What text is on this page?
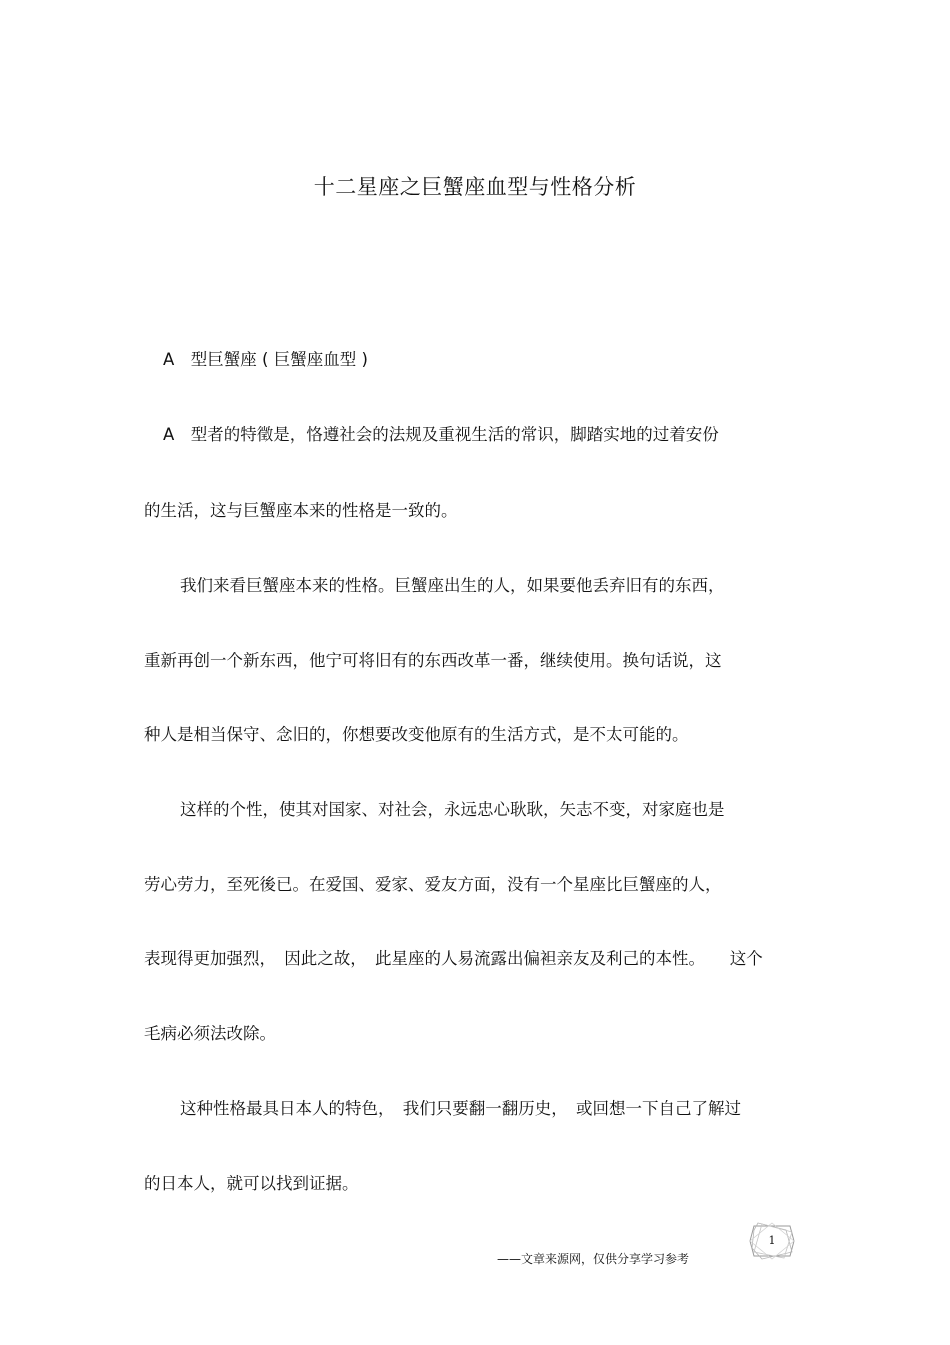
十二星座之巨蟹座血型与性格分析
A　型巨蟹座 ( 巨蟹座血型 )
A　型者的特徵是，恪遵社会的法规及重视生活的常识，脚踏实地的过着安份
的生活，这与巨蟹座本来的性格是一致的。
我们来看巨蟹座本来的性格。巨蟹座出生的人，如果要他丢弃旧有的东西，
重新再创一个新东西，他宁可将旧有的东西改革一番，继续使用。换句话说，这
种人是相当保守、念旧的，你想要改变他原有的生活方式，是不太可能的。
这样的个性，使其对国家、对社会，永远忠心耿耿，矢志不变，对家庭也是
劳心劳力，至死後已。在爱国、爱家、爱友方面，没有一个星座比巨蟹座的人，
表现得更加强烈，　因此之故，　此星座的人易流露出偏袒亲友及利己的本性。　　这个
毛病必须法改除。
这种性格最具日本人的特色，　我们只要翻一翻历史，　或回想一下自己了解过
的日本人，就可以找到证据。
——文章来源网，仅供分享学习参考
1
